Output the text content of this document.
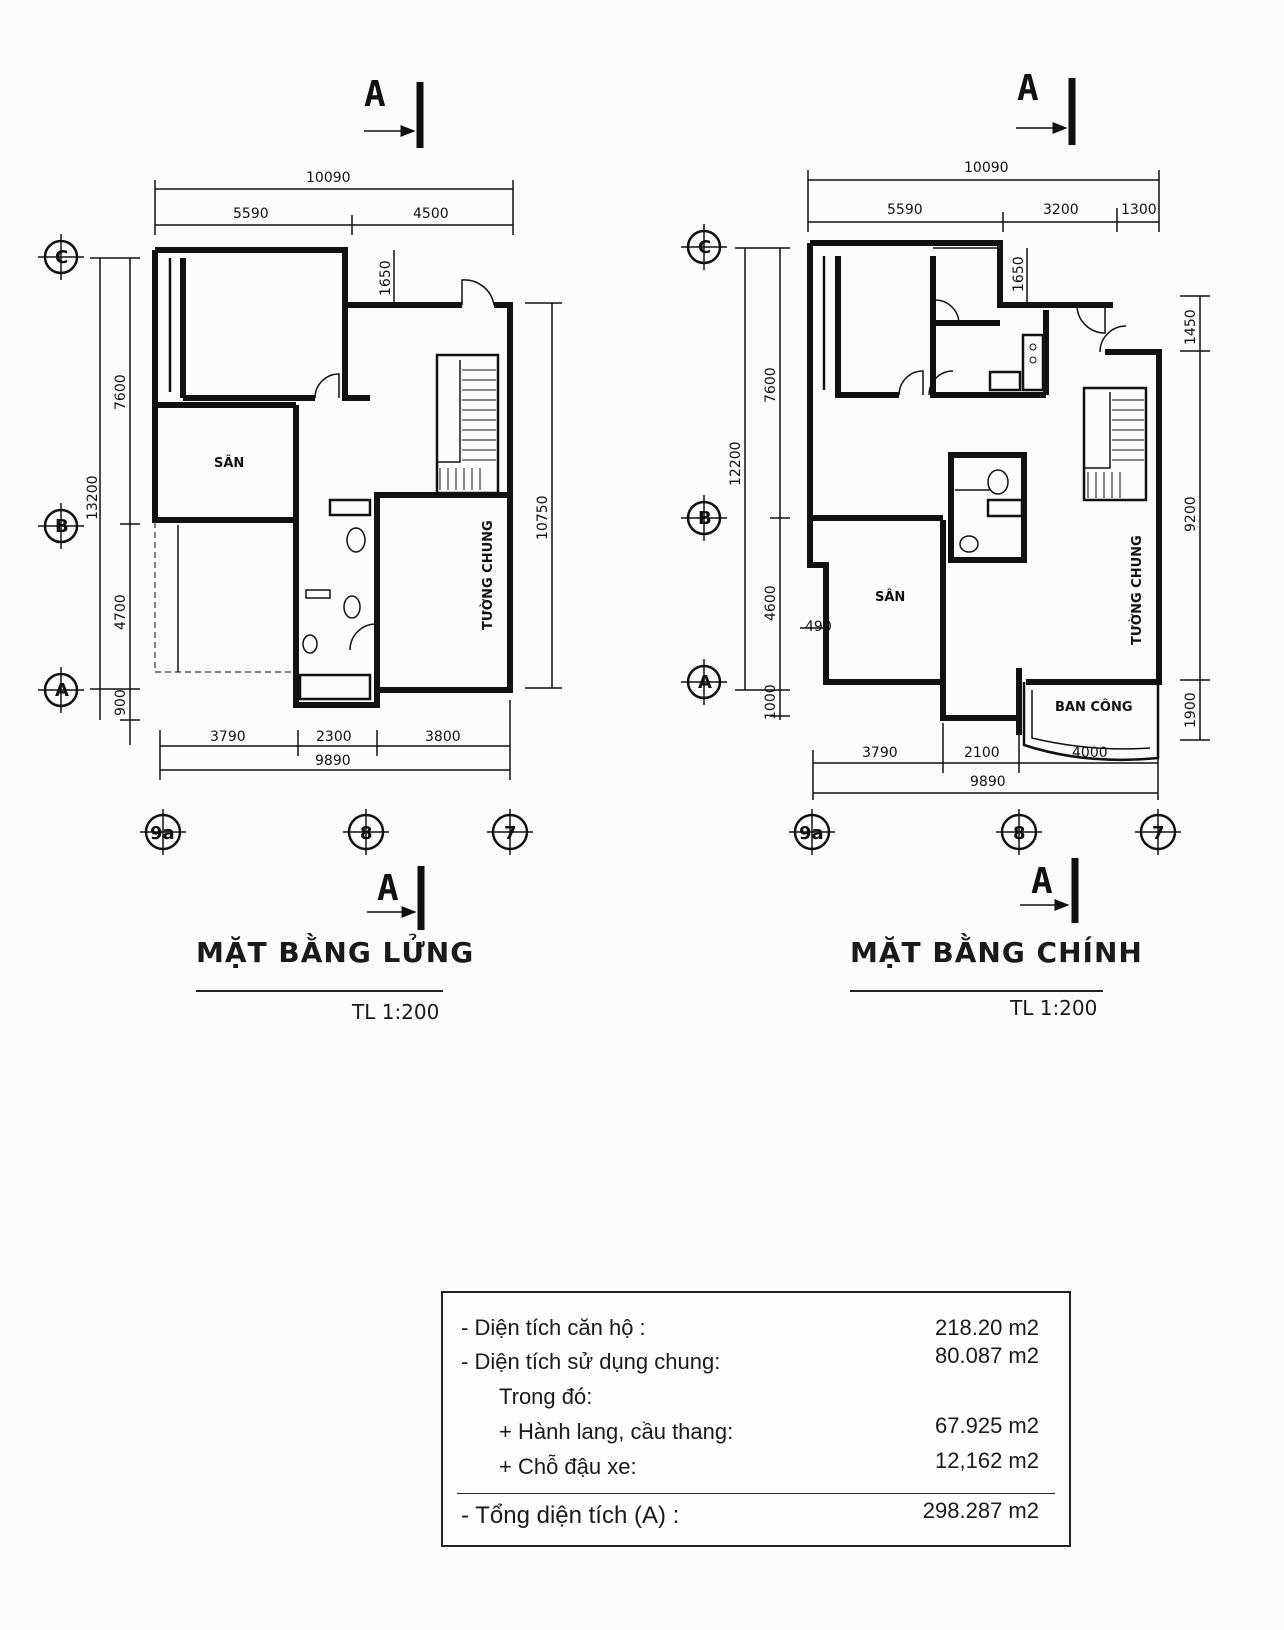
A
A
10090
5590	4500
13200
7600
4700
900
1650
10750
3790	2300	3800
9890
C
B
A
9a	8	7
SÂN
TƯỜNG CHUNG
A
A
10090
5590	3200	1300
12200
7600
4600
1000
490
1650
1450
9200
1900
3790	2100	4000
9890
C
B
A
9a	8	7
SÂN	TƯỜNG CHUNG
BAN CÔNG
MẶT BẰNG LỬNG
TL 1:200
MẶT BẰNG CHÍNH
TL 1:200
- Diện tích căn hộ :	218.20 m2
- Diện tích sử dụng chung:	80.087 m2
Trong đó:
+ Hành lang, cầu thang:	67.925 m2
+ Chỗ đậu xe:	12,162 m2
- Tổng diện tích (A) :	298.287 m2
